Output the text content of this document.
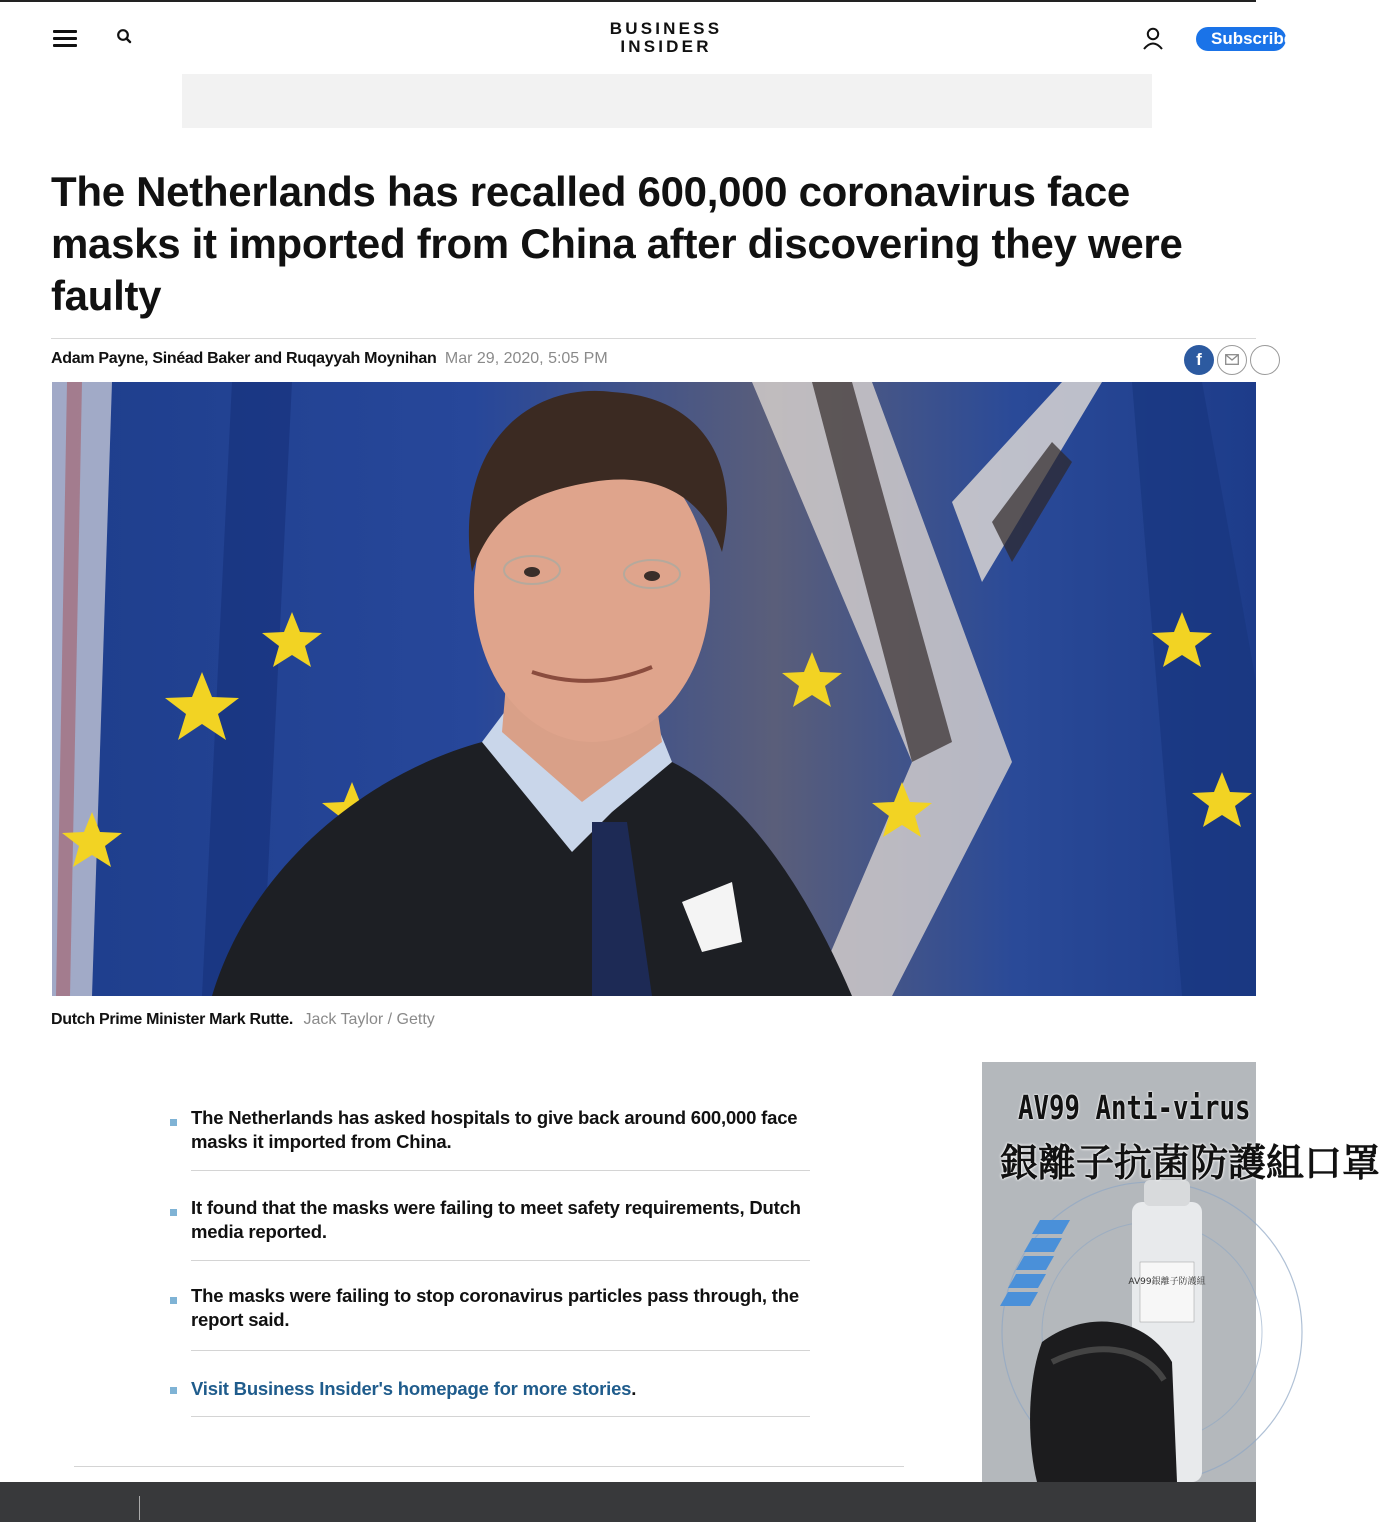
BUSINESS
INSIDER	Subscribe
The Netherlands has recalled 600,000 coronavirus face masks it imported from China after discovering they were faulty
Adam Payne, Sinéad Baker and Ruqayyah Moynihan Mar 29, 2020, 5:05 PM	f
Dutch Prime Minister Mark Rutte. Jack Taylor / Getty
The Netherlands has asked hospitals to give back around 600,000 face masks it imported from China.
It found that the masks were failing to meet safety requirements, Dutch media reported.
The masks were failing to stop coronavirus particles pass through, the report said.
Visit Business Insider's homepage for more stories.
AV99銀離子防護組
AV99 Anti-virus
銀離子抗菌防護組口罩
